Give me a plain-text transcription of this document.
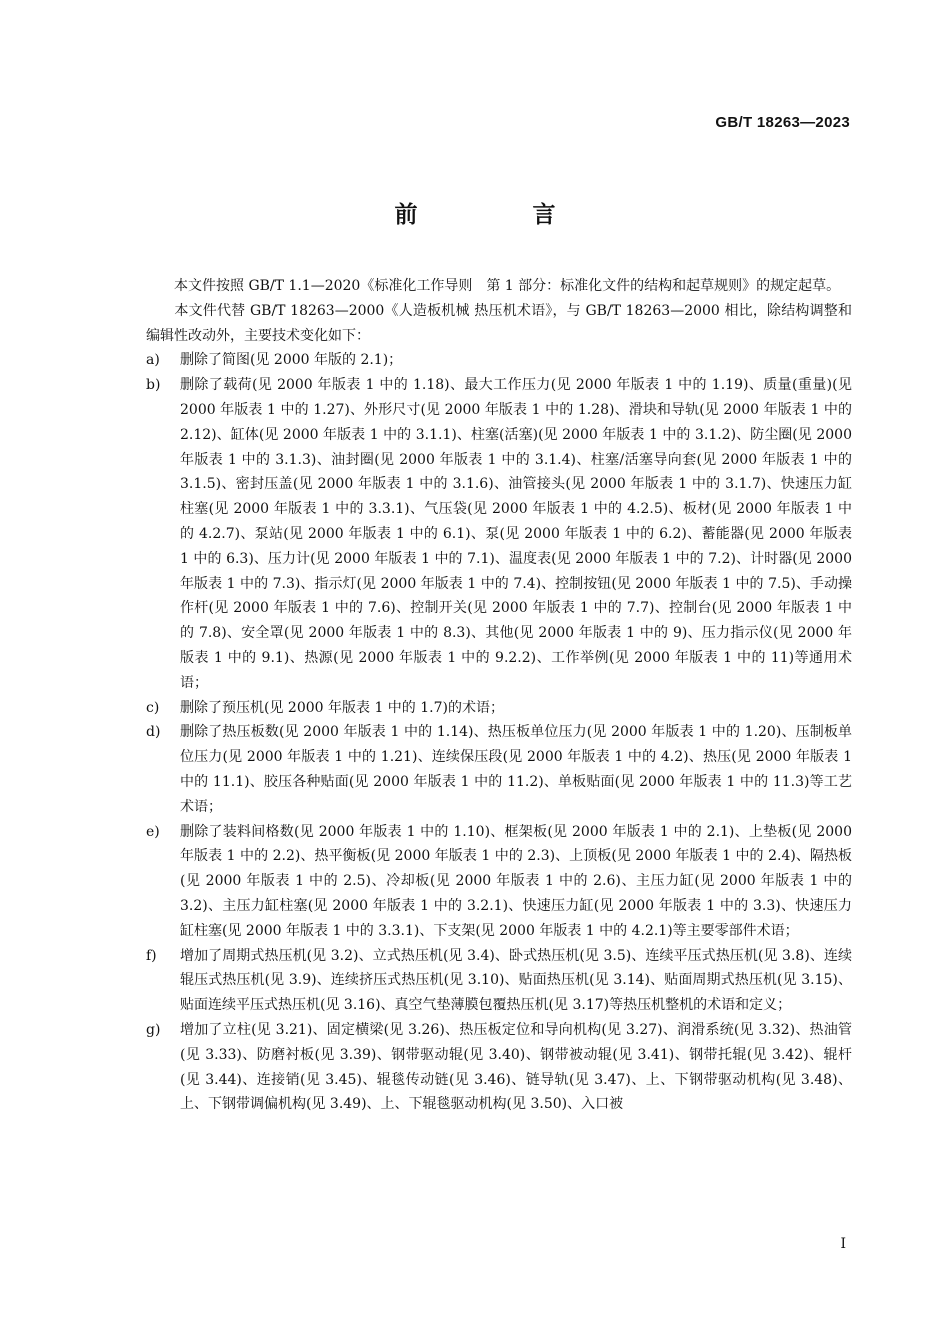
GB/T 18263—2023
前　言

　　本文件按照 GB/T 1.1—2020《标准化工作导则　第 1 部分：标准化文件的结构和起草规则》的规定起草。

　　本文件代替 GB/T 18263—2000《人造板机械 热压机术语》，与 GB/T 18263—2000 相比，除结构调整和编辑性改动外，主要技术变化如下：

a)	删除了简图(见 2000 年版的 2.1)；
b)	删除了载荷(见 2000 年版表 1 中的 1.18)、最大工作压力(见 2000 年版表 1 中的 1.19)、质量(重量)(见 2000 年版表 1 中的 1.27)、外形尺寸(见 2000 年版表 1 中的 1.28)、滑块和导轨(见 2000 年版表 1 中的 2.12)、缸体(见 2000 年版表 1 中的 3.1.1)、柱塞(活塞)(见 2000 年版表 1 中的 3.1.2)、防尘圈(见 2000 年版表 1 中的 3.1.3)、油封圈(见 2000 年版表 1 中的 3.1.4)、柱塞/活塞导向套(见 2000 年版表 1 中的 3.1.5)、密封压盖(见 2000 年版表 1 中的 3.1.6)、油管接头(见 2000 年版表 1 中的 3.1.7)、快速压力缸柱塞(见 2000 年版表 1 中的 3.3.1)、气压袋(见 2000 年版表 1 中的 4.2.5)、板材(见 2000 年版表 1 中的 4.2.7)、泵站(见 2000 年版表 1 中的 6.1)、泵(见 2000 年版表 1 中的 6.2)、蓄能器(见 2000 年版表 1 中的 6.3)、压力计(见 2000 年版表 1 中的 7.1)、温度表(见 2000 年版表 1 中的 7.2)、计时器(见 2000 年版表 1 中的 7.3)、指示灯(见 2000 年版表 1 中的 7.4)、控制按钮(见 2000 年版表 1 中的 7.5)、手动操作杆(见 2000 年版表 1 中的 7.6)、控制开关(见 2000 年版表 1 中的 7.7)、控制台(见 2000 年版表 1 中的 7.8)、安全罩(见 2000 年版表 1 中的 8.3)、其他(见 2000 年版表 1 中的 9)、压力指示仪(见 2000 年版表 1 中的 9.1)、热源(见 2000 年版表 1 中的 9.2.2)、工作举例(见 2000 年版表 1 中的 11)等通用术语；
c)	删除了预压机(见 2000 年版表 1 中的 1.7)的术语；
d)	删除了热压板数(见 2000 年版表 1 中的 1.14)、热压板单位压力(见 2000 年版表 1 中的 1.20)、压制板单位压力(见 2000 年版表 1 中的 1.21)、连续保压段(见 2000 年版表 1 中的 4.2)、热压(见 2000 年版表 1 中的 11.1)、胶压各种贴面(见 2000 年版表 1 中的 11.2)、单板贴面(见 2000 年版表 1 中的 11.3)等工艺术语；
e)	删除了装料间格数(见 2000 年版表 1 中的 1.10)、框架板(见 2000 年版表 1 中的 2.1)、上垫板(见 2000 年版表 1 中的 2.2)、热平衡板(见 2000 年版表 1 中的 2.3)、上顶板(见 2000 年版表 1 中的 2.4)、隔热板(见 2000 年版表 1 中的 2.5)、冷却板(见 2000 年版表 1 中的 2.6)、主压力缸(见 2000 年版表 1 中的 3.2)、主压力缸柱塞(见 2000 年版表 1 中的 3.2.1)、快速压力缸(见 2000 年版表 1 中的 3.3)、快速压力缸柱塞(见 2000 年版表 1 中的 3.3.1)、下支架(见 2000 年版表 1 中的 4.2.1)等主要零部件术语；
f)	增加了周期式热压机(见 3.2)、立式热压机(见 3.4)、卧式热压机(见 3.5)、连续平压式热压机(见 3.8)、连续辊压式热压机(见 3.9)、连续挤压式热压机(见 3.10)、贴面热压机(见 3.14)、贴面周期式热压机(见 3.15)、贴面连续平压式热压机(见 3.16)、真空气垫薄膜包覆热压机(见 3.17)等热压机整机的术语和定义；
g)	增加了立柱(见 3.21)、固定横梁(见 3.26)、热压板定位和导向机构(见 3.27)、润滑系统(见 3.32)、热油管(见 3.33)、防磨衬板(见 3.39)、钢带驱动辊(见 3.40)、钢带被动辊(见 3.41)、钢带托辊(见 3.42)、辊杆(见 3.44)、连接销(见 3.45)、辊毯传动链(见 3.46)、链导轨(见 3.47)、上、下钢带驱动机构(见 3.48)、上、下钢带调偏机构(见 3.49)、上、下辊毯驱动机构(见 3.50)、入口被
I
